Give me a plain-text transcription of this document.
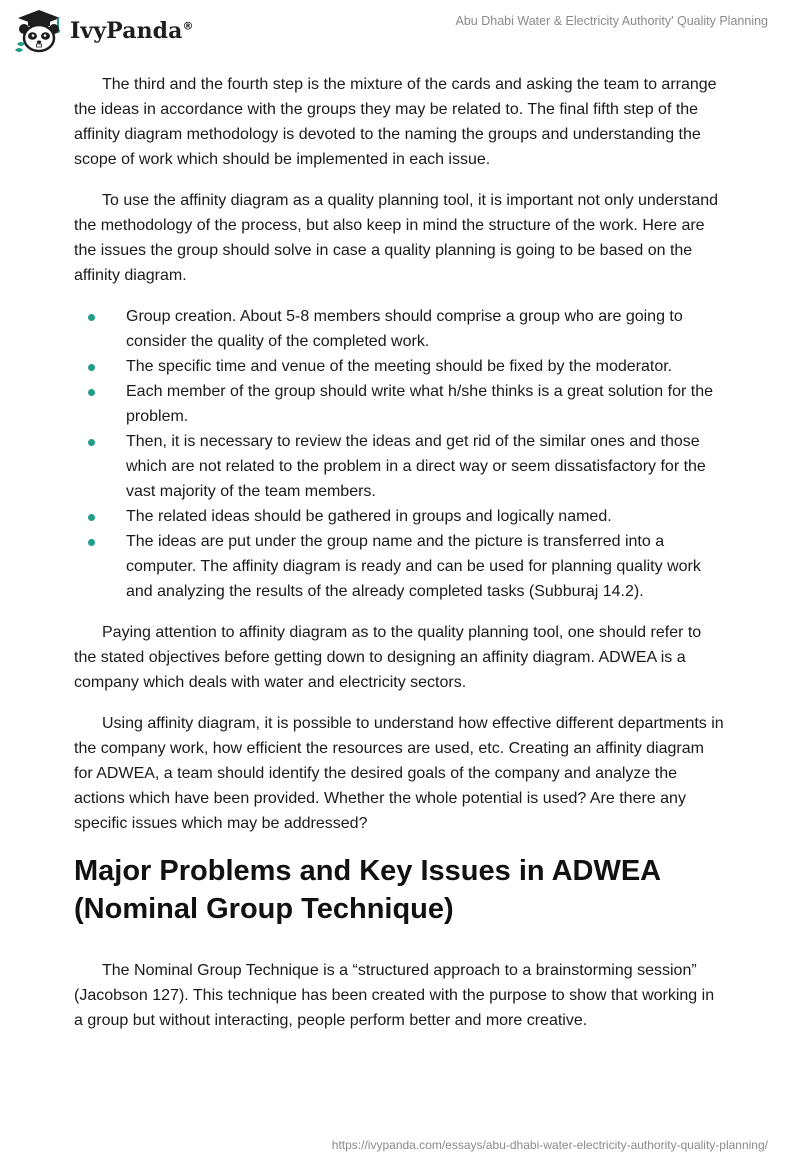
IvyPanda®	Abu Dhabi Water & Electricity Authority' Quality Planning

The third and the fourth step is the mixture of the cards and asking the team to arrange the ideas in accordance with the groups they may be related to. The final fifth step of the affinity diagram methodology is devoted to the naming the groups and understanding the scope of work which should be implemented in each issue.

To use the affinity diagram as a quality planning tool, it is important not only understand the methodology of the process, but also keep in mind the structure of the work. Here are the issues the group should solve in case a quality planning is going to be based on the affinity diagram.

Group creation. About 5-8 members should comprise a group who are going to consider the quality of the completed work.
The specific time and venue of the meeting should be fixed by the moderator.
Each member of the group should write what h/she thinks is a great solution for the problem.
Then, it is necessary to review the ideas and get rid of the similar ones and those which are not related to the problem in a direct way or seem dissatisfactory for the vast majority of the team members.
The related ideas should be gathered in groups and logically named.
The ideas are put under the group name and the picture is transferred into a computer. The affinity diagram is ready and can be used for planning quality work and analyzing the results of the already completed tasks (Subburaj 14.2).

Paying attention to affinity diagram as to the quality planning tool, one should refer to the stated objectives before getting down to designing an affinity diagram. ADWEA is a company which deals with water and electricity sectors.

Using affinity diagram, it is possible to understand how effective different departments in the company work, how efficient the resources are used, etc. Creating an affinity diagram for ADWEA, a team should identify the desired goals of the company and analyze the actions which have been provided. Whether the whole potential is used? Are there any specific issues which may be addressed?

Major Problems and Key Issues in ADWEA (Nominal Group Technique)

The Nominal Group Technique is a “structured approach to a brainstorming session” (Jacobson 127). This technique has been created with the purpose to show that working in a group but without interacting, people perform better and more creative.

https://ivypanda.com/essays/abu-dhabi-water-electricity-authority-quality-planning/
